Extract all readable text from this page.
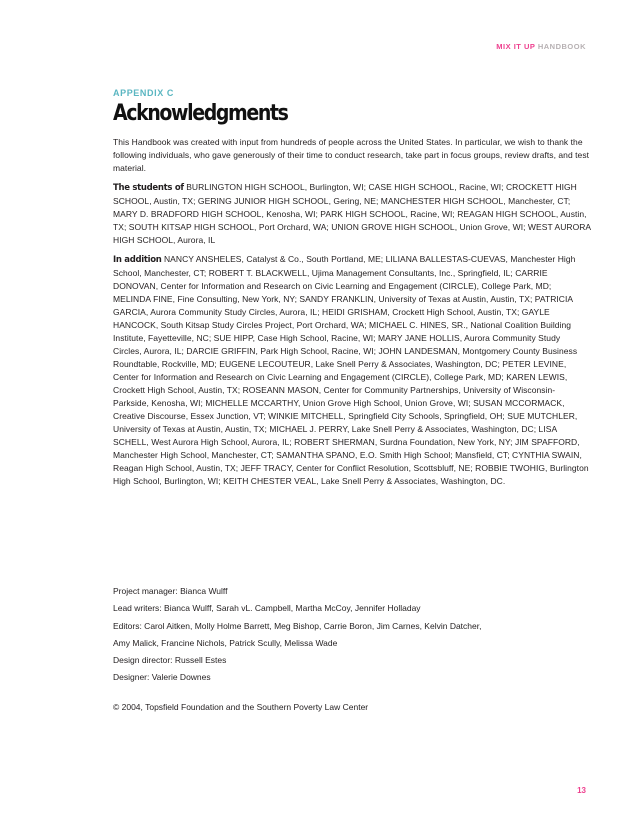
MIX IT UP HANDBOOK
APPENDIX C
Acknowledgments

This Handbook was created with input from hundreds of people across the United States. In particular, we wish to thank the following individuals, who gave generously of their time to conduct research, take part in focus groups, review drafts, and test material.

The students of BURLINGTON HIGH SCHOOL, Burlington, WI; CASE HIGH SCHOOL, Racine, WI; CROCKETT HIGH SCHOOL, Austin, TX; GERING JUNIOR HIGH SCHOOL, Gering, NE; MANCHESTER HIGH SCHOOL, Manchester, CT; MARY D. BRADFORD HIGH SCHOOL, Kenosha, WI; PARK HIGH SCHOOL, Racine, WI; REAGAN HIGH SCHOOL, Austin, TX; SOUTH KITSAP HIGH SCHOOL, Port Orchard, WA; UNION GROVE HIGH SCHOOL, Union Grove, WI; WEST AURORA HIGH SCHOOL, Aurora, IL

In addition NANCY ANSHELES, Catalyst & Co., South Portland, ME; LILIANA BALLESTAS-CUEVAS, Manchester High School, Manchester, CT; ROBERT T. BLACKWELL, Ujima Management Consultants, Inc., Springfield, IL; CARRIE DONOVAN, Center for Information and Research on Civic Learning and Engagement (CIRCLE), College Park, MD; MELINDA FINE, Fine Consulting, New York, NY; SANDY FRANKLIN, University of Texas at Austin, Austin, TX; PATRICIA GARCIA, Aurora Community Study Circles, Aurora, IL; HEIDI GRISHAM, Crockett High School, Austin, TX; GAYLE HANCOCK, South Kitsap Study Circles Project, Port Orchard, WA; MICHAEL C. HINES, SR., National Coalition Building Institute, Fayetteville, NC; SUE HIPP, Case High School, Racine, WI; MARY JANE HOLLIS, Aurora Community Study Circles, Aurora, IL; DARCIE GRIFFIN, Park High School, Racine, WI; JOHN LANDESMAN, Montgomery County Business Roundtable, Rockville, MD; EUGENE LECOUTEUR, Lake Snell Perry & Associates, Washington, DC; PETER LEVINE, Center for Information and Research on Civic Learning and Engagement (CIRCLE), College Park, MD; KAREN LEWIS, Crockett High School, Austin, TX; ROSEANN MASON, Center for Community Partnerships, University of Wisconsin-Parkside, Kenosha, WI; MICHELLE MCCARTHY, Union Grove High School, Union Grove, WI; SUSAN MCCORMACK, Creative Discourse, Essex Junction, VT; WINKIE MITCHELL, Springfield City Schools, Springfield, OH; SUE MUTCHLER, University of Texas at Austin, Austin, TX; MICHAEL J. PERRY, Lake Snell Perry & Associates, Washington, DC; LISA SCHELL, West Aurora High School, Aurora, IL; ROBERT SHERMAN, Surdna Foundation, New York, NY; JIM SPAFFORD, Manchester High School, Manchester, CT; SAMANTHA SPANO, E.O. Smith High School; Mansfield, CT; CYNTHIA SWAIN, Reagan High School, Austin, TX; JEFF TRACY, Center for Conflict Resolution, Scottsbluff, NE; ROBBIE TWOHIG, Burlington High School, Burlington, WI; KEITH CHESTER VEAL, Lake Snell Perry & Associates, Washington, DC.

Project manager: Bianca Wulff
Lead writers: Bianca Wulff, Sarah vL. Campbell, Martha McCoy, Jennifer Holladay
Editors: Carol Aitken, Molly Holme Barrett, Meg Bishop, Carrie Boron, Jim Carnes, Kelvin Datcher,
Amy Malick, Francine Nichols, Patrick Scully, Melissa Wade
Design director: Russell Estes
Designer: Valerie Downes
© 2004, Topsfield Foundation and the Southern Poverty Law Center
13
